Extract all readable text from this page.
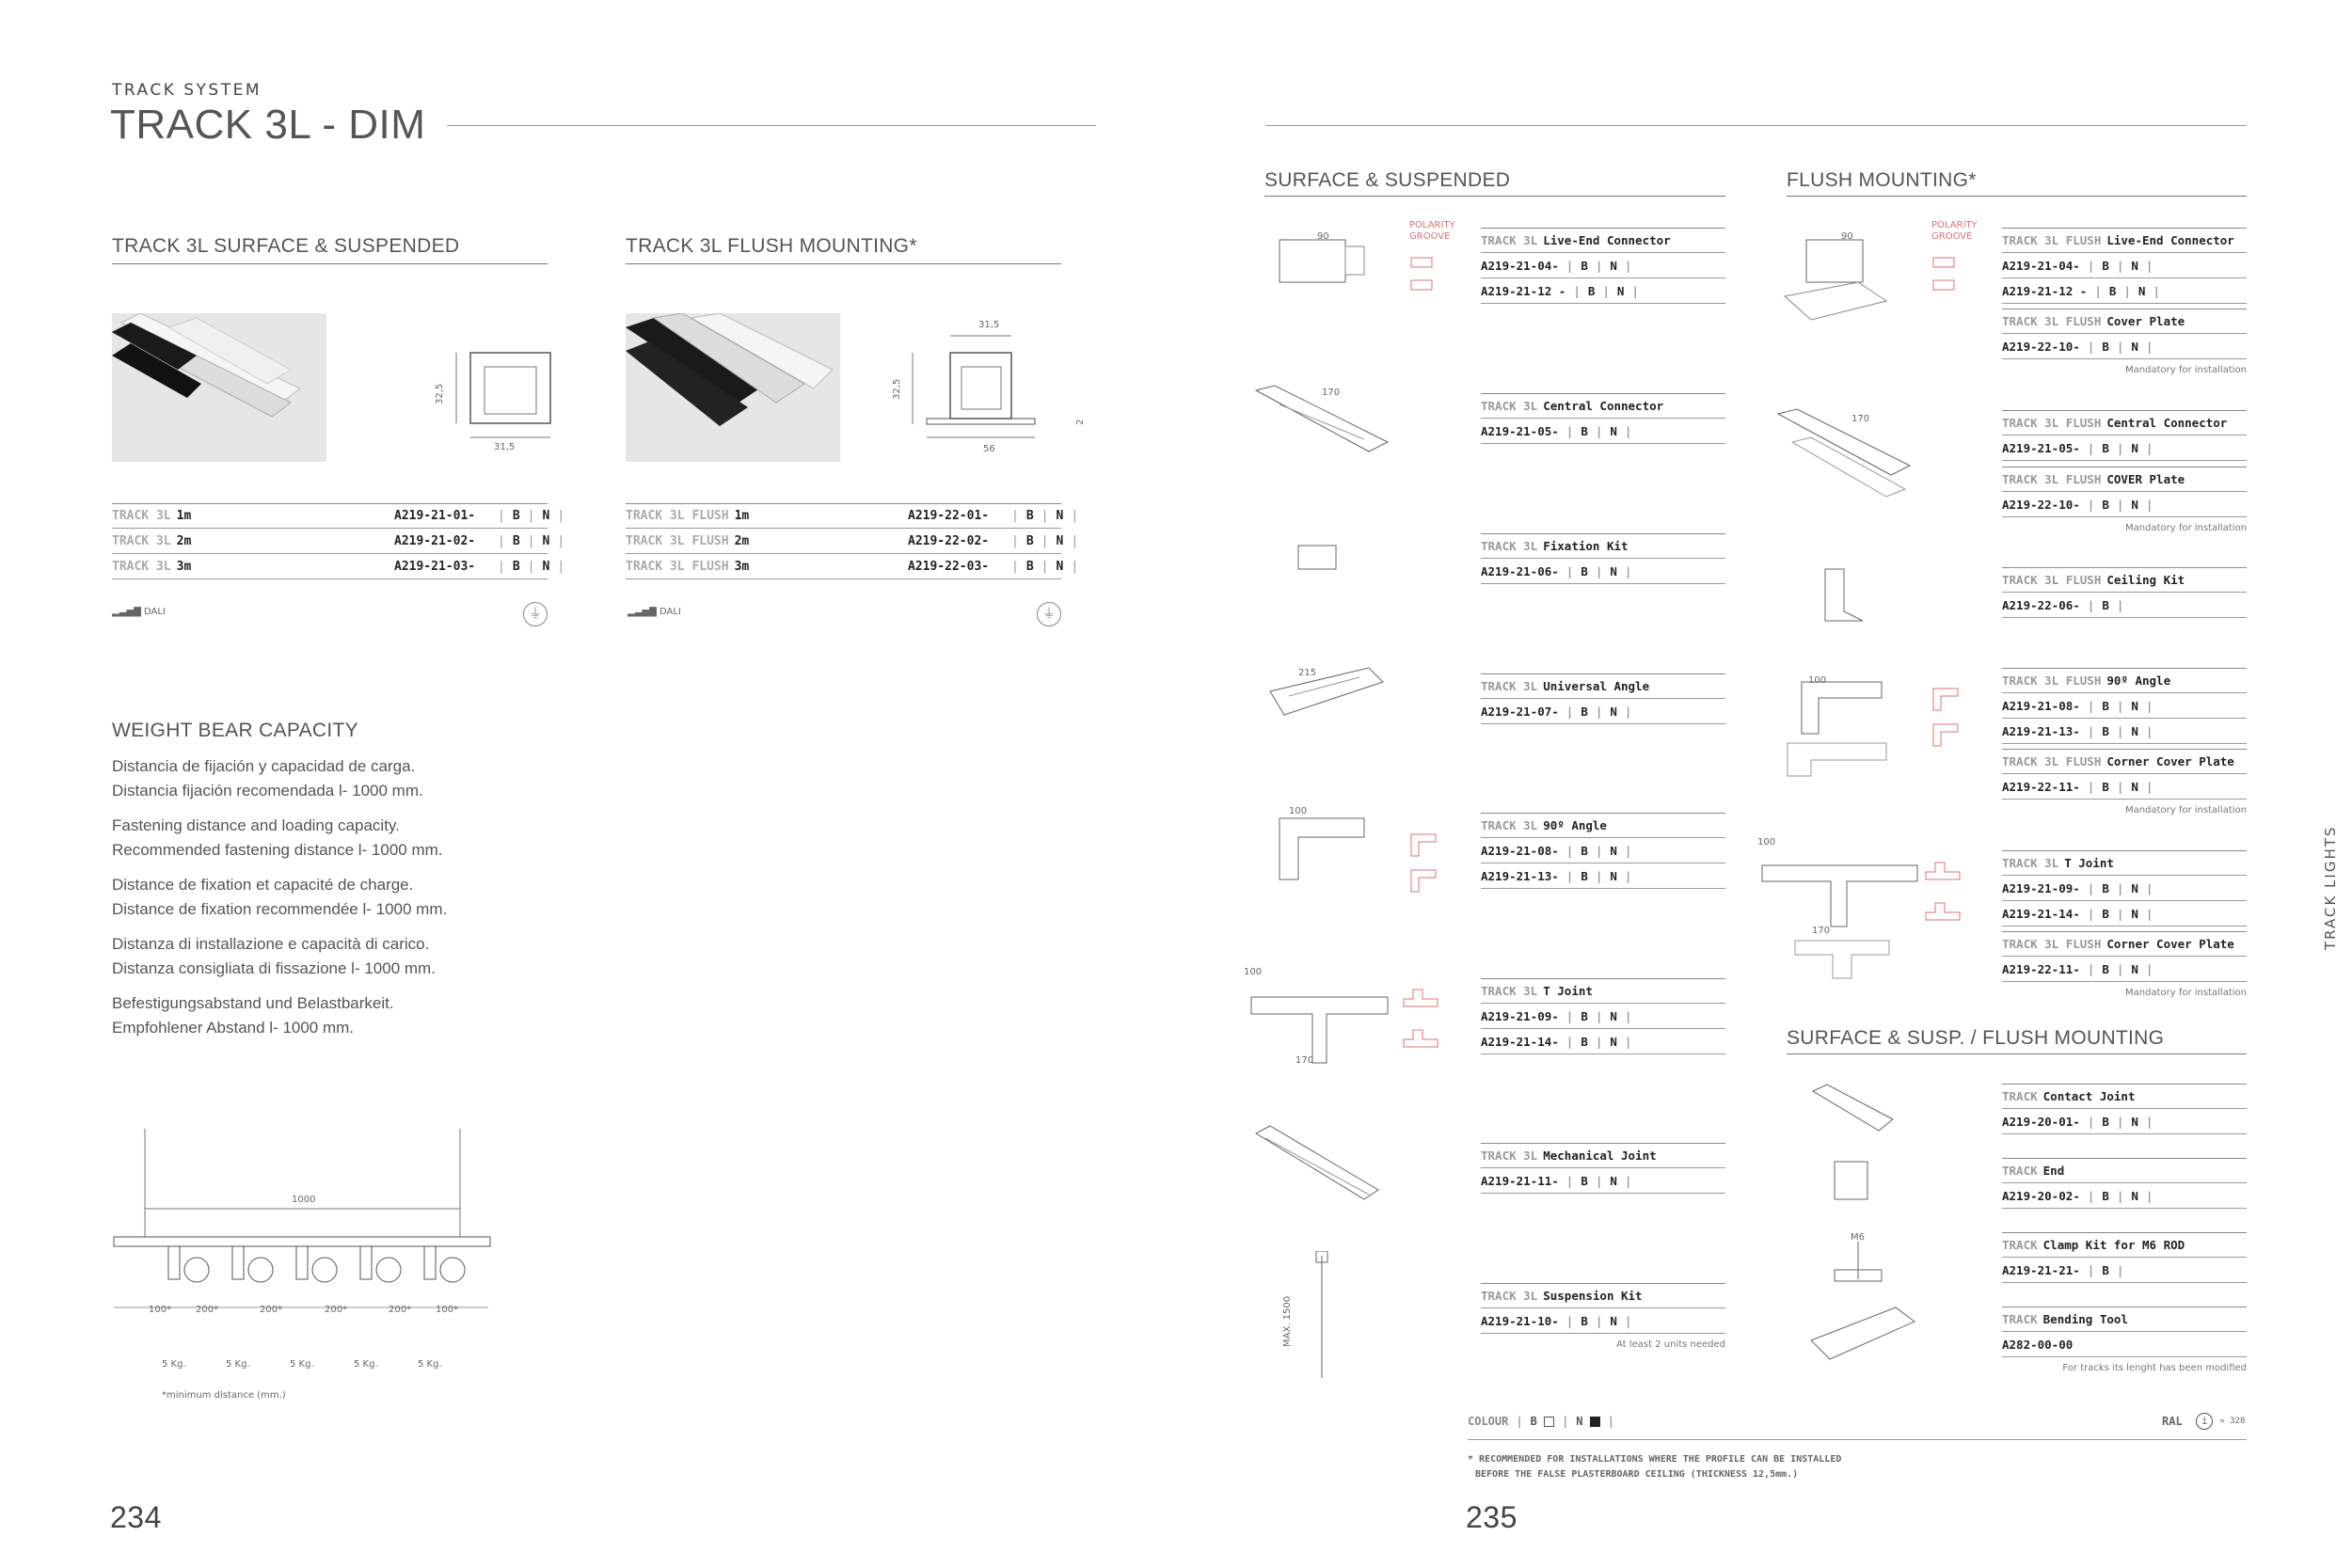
TRACK SYSTEM
TRACK 3L - DIM
TRACK 3L SURFACE & SUSPENDED
32,5
31,5
TRACK 3L 1m	A219-21-01-	| B | N |
TRACK 3L 2m	A219-21-02-	| B | N |
TRACK 3L 3m	A219-21-03-	| B | N |
▂▃▅▇ DALI	⏚
TRACK 3L FLUSH MOUNTING*
31,5
32,5
56
2
TRACK 3L FLUSH 1m	A219-22-01-	| B | N |
TRACK 3L FLUSH 2m	A219-22-02-	| B | N |
TRACK 3L FLUSH 3m	A219-22-03-	| B | N |
▂▃▅▇ DALI	⏚
WEIGHT BEAR CAPACITY
Distancia de fijación y capacidad de carga.
Distancia fijación recomendada l- 1000 mm.
Fastening distance and loading capacity.
Recommended fastening distance l- 1000 mm.
Distance de fixation et capacité de charge.
Distance de fixation recommendée l- 1000 mm.
Distanza di installazione e capacità di carico.
Distanza consigliata di fissazione l- 1000 mm.
Befestigungsabstand und Belastbarkeit.
Empfohlener Abstand l- 1000 mm.
1000
100*	200*	200*	200*	200*	100*
5 Kg.	5 Kg.	5 Kg.	5 Kg.	5 Kg.
*minimum distance (mm.)
234
SURFACE & SUSPENDED	FLUSH MOUNTING*
POLARITY
GROOVE
POLARITY
GROOVE
90
170
215
100
100
170
MAX. 1500
TRACK 3L Live-End Connector
A219-21-04- | B | N |
A219-21-12 - | B | N |
TRACK 3L Central Connector
A219-21-05- | B | N |
TRACK 3L Fixation Kit
A219-21-06- | B | N |
TRACK 3L Universal Angle
A219-21-07- | B | N |
TRACK 3L 90º Angle
A219-21-08- | B | N |
A219-21-13- | B | N |
TRACK 3L T Joint
A219-21-09- | B | N |
A219-21-14- | B | N |
TRACK 3L Mechanical Joint
A219-21-11- | B | N |
TRACK 3L Suspension Kit
A219-21-10- | B | N |
At least 2 units needed
90
170
100
100
170
TRACK 3L FLUSH Live-End Connector
A219-21-04- | B | N |
A219-21-12 - | B | N |
TRACK 3L FLUSH Cover Plate
A219-22-10- | B | N |
Mandatory for installation
TRACK 3L FLUSH Central Connector
A219-21-05- | B | N |
TRACK 3L FLUSH COVER Plate
A219-22-10- | B | N |
Mandatory for installation
TRACK 3L FLUSH Ceiling Kit
A219-22-06- | B |
TRACK 3L FLUSH 90º Angle
A219-21-08- | B | N |
A219-21-13- | B | N |
TRACK 3L FLUSH Corner Cover Plate
A219-22-11- | B | N |
Mandatory for installation
TRACK 3L T Joint
A219-21-09- | B | N |
A219-21-14- | B | N |
TRACK 3L FLUSH Corner Cover Plate
A219-22-11- | B | N |
Mandatory for installation
SURFACE & SUSP. / FLUSH MOUNTING
M6
TRACK Contact Joint
A219-20-01- | B | N |
TRACK End
A219-20-02- | B | N |
TRACK Clamp Kit for M6 ROD
A219-21-21- | B |
TRACK Bending Tool
A282-00-00
For tracks its lenght has been modified
COLOUR | B
| N
|	RAL
	i
	» 328
* RECOMMENDED FOR INSTALLATIONS WHERE THE PROFILE CAN BE INSTALLED
BEFORE THE FALSE PLASTERBOARD CEILING (THICKNESS 12,5mm.)
TRACK LIGHTS
235
